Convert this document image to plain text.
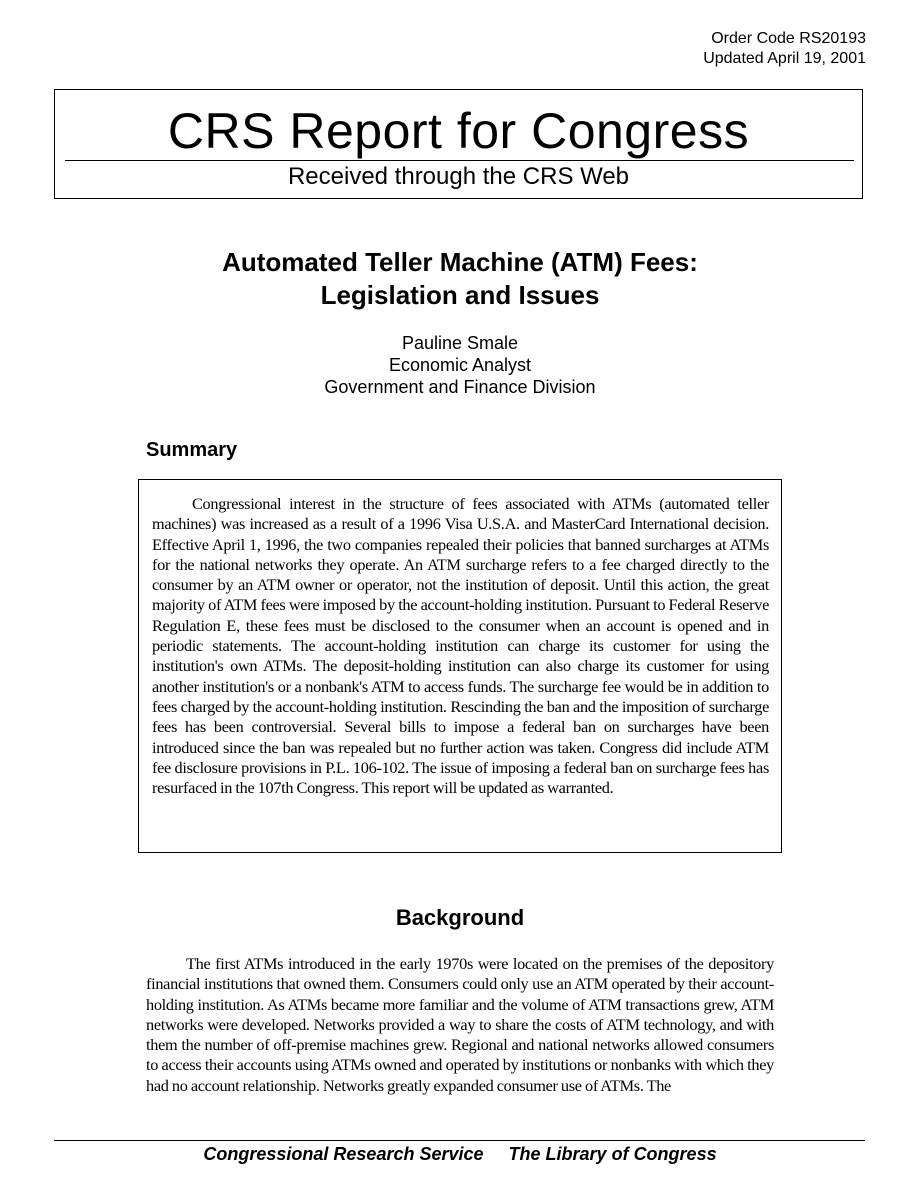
Order Code RS20193
Updated April 19, 2001
CRS Report for Congress
Received through the CRS Web
Automated Teller Machine (ATM) Fees:
Legislation and Issues
Pauline Smale
Economic Analyst
Government and Finance Division
Summary

Congressional interest in the structure of fees associated with ATMs (automated teller machines) was increased as a result of a 1996 Visa U.S.A. and MasterCard International decision. Effective April 1, 1996, the two companies repealed their policies that banned surcharges at ATMs for the national networks they operate. An ATM surcharge refers to a fee charged directly to the consumer by an ATM owner or operator, not the institution of deposit. Until this action, the great majority of ATM fees were imposed by the account-holding institution. Pursuant to Federal Reserve Regulation E, these fees must be disclosed to the consumer when an account is opened and in periodic statements. The account-holding institution can charge its customer for using the institution's own ATMs. The deposit-holding institution can also charge its customer for using another institution's or a nonbank's ATM to access funds. The surcharge fee would be in addition to fees charged by the account-holding institution. Rescinding the ban and the imposition of surcharge fees has been controversial. Several bills to impose a federal ban on surcharges have been introduced since the ban was repealed but no further action was taken. Congress did include ATM fee disclosure provisions in P.L. 106-102. The issue of imposing a federal ban on surcharge fees has resurfaced in the 107th Congress. This report will be updated as warranted.

Background

The first ATMs introduced in the early 1970s were located on the premises of the depository financial institutions that owned them. Consumers could only use an ATM operated by their account-holding institution. As ATMs became more familiar and the volume of ATM transactions grew, ATM networks were developed. Networks provided a way to share the costs of ATM technology, and with them the number of off-premise machines grew. Regional and national networks allowed consumers to access their accounts using ATMs owned and operated by institutions or nonbanks with which they had no account relationship. Networks greatly expanded consumer use of ATMs. The

Congressional Research Service The Library of Congress
